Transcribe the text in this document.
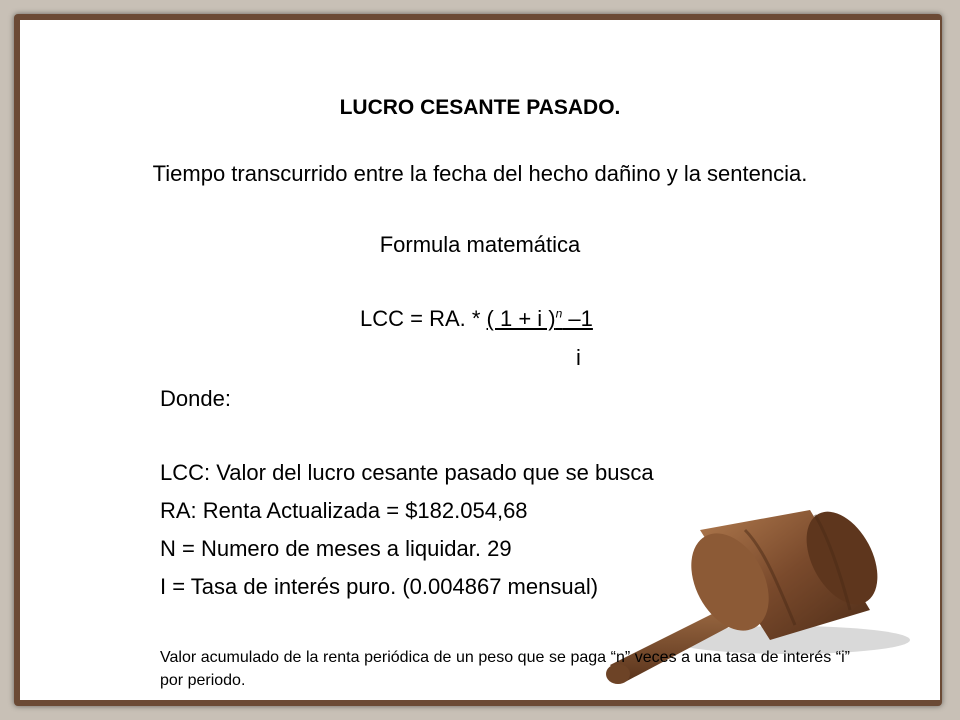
LUCRO CESANTE PASADO.
Tiempo transcurrido entre la fecha del hecho dañino y la sentencia.
Formula matemática
LCC = RA. * ( 1 + i )$^n$ –1
i
Donde:
LCC: Valor del lucro cesante pasado que se busca
RA: Renta Actualizada = $182.054,68
N = Numero de meses a liquidar. 29
I = Tasa de interés puro. (0.004867 mensual)
Valor acumulado de la renta periódica de un peso que se paga “n” veces a una tasa de interés “i” por periodo.
